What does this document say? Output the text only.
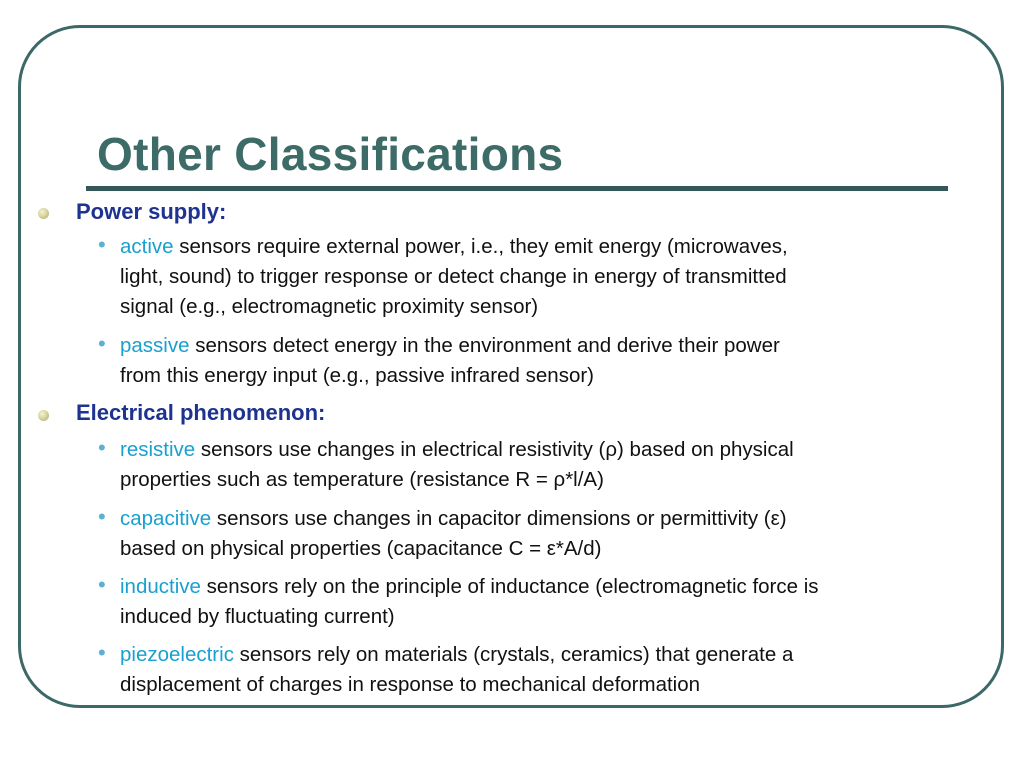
Other Classifications
Power supply:
• active sensors require external power, i.e., they emit energy (microwaves,
light, sound) to trigger response or detect change in energy of transmitted
signal (e.g., electromagnetic proximity sensor)
• passive sensors detect energy in the environment and derive their power
from this energy input (e.g., passive infrared sensor)
Electrical phenomenon:
• resistive sensors use changes in electrical resistivity (ρ) based on physical
properties such as temperature (resistance R = ρ*l/A)
• capacitive sensors use changes in capacitor dimensions or permittivity (ε)
based on physical properties (capacitance C = ε*A/d)
• inductive sensors rely on the principle of inductance (electromagnetic force is
induced by fluctuating current)
• piezoelectric sensors rely on materials (crystals, ceramics) that generate a
displacement of charges in response to mechanical deformation
